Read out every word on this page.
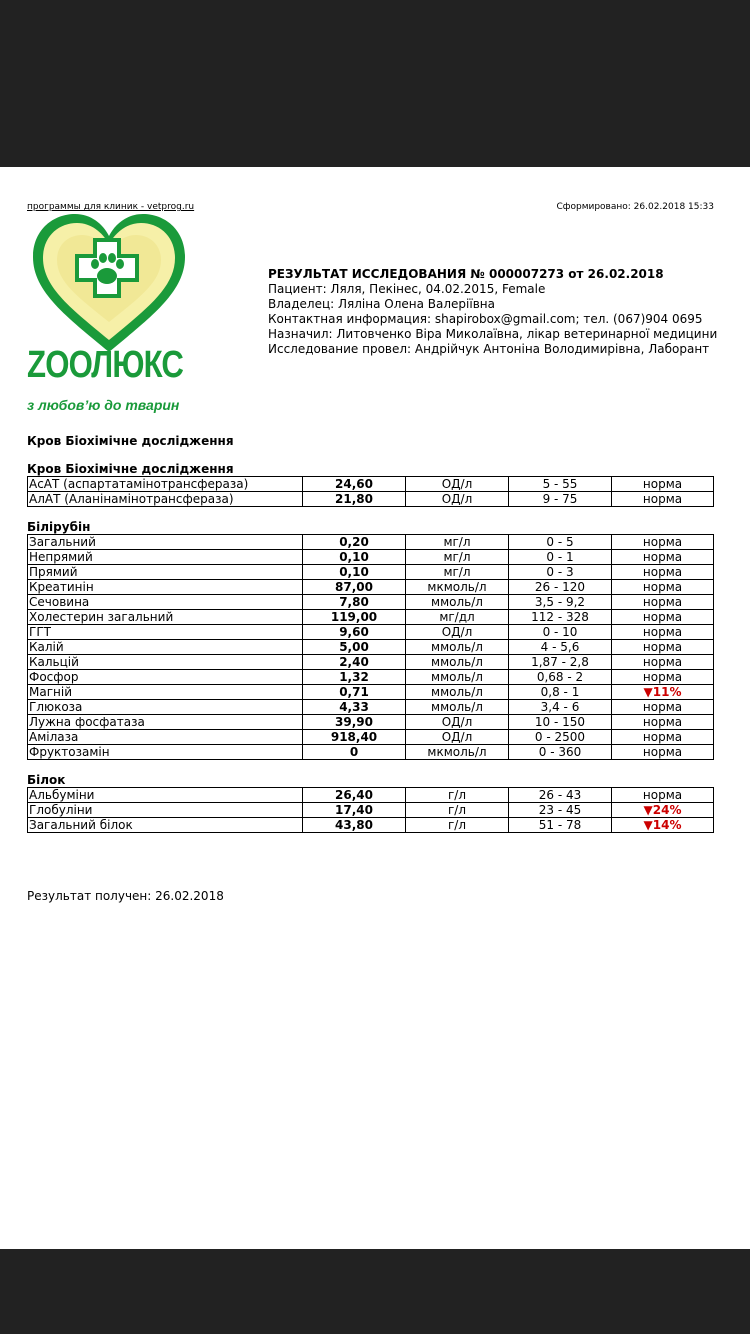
программы для клиник - vetprog.ru	Сформировано: 26.02.2018 15:33
ZООЛЮКС
з любов’ю до тварин
РЕЗУЛЬТАТ ИССЛЕДОВАНИЯ № 000007273 от 26.02.2018
Пациент: Ляля, Пекінес, 04.02.2015, Female
Владелец: Ляліна Олена Валеріївна
Контактная информация: shapirobox@gmail.com; тел. (067)904 0695
Назначил: Литовченко Віра Миколаївна, лікар ветеринарної медицини
Исследование провел: Андрійчук Антоніна Володимирівна, Лаборант
Кров Біохімічне дослідження
Кров Біохімічне дослідження
АсАТ (аспартатамінотрансфераза)	24,60	ОД/л	5 - 55	норма
АлАТ (Аланінамінотрансфераза)	21,80	ОД/л	9 - 75	норма
Білірубін
Загальний	0,20	мг/л	0 - 5	норма
Непрямий	0,10	мг/л	0 - 1	норма
Прямий	0,10	мг/л	0 - 3	норма
Креатинін	87,00	мкмоль/л	26 - 120	норма
Сечовина	7,80	ммоль/л	3,5 - 9,2	норма
Холестерин загальний	119,00	мг/дл	112 - 328	норма
ГГТ	9,60	ОД/л	0 - 10	норма
Калій	5,00	ммоль/л	4 - 5,6	норма
Кальцій	2,40	ммоль/л	1,87 - 2,8	норма
Фосфор	1,32	ммоль/л	0,68 - 2	норма
Магній	0,71	ммоль/л	0,8 - 1	▼11%
Глюкоза	4,33	ммоль/л	3,4 - 6	норма
Лужна фосфатаза	39,90	ОД/л	10 - 150	норма
Амілаза	918,40	ОД/л	0 - 2500	норма
Фруктозамін	0	мкмоль/л	0 - 360	норма
Білок
Альбуміни	26,40	г/л	26 - 43	норма
Глобуліни	17,40	г/л	23 - 45	▼24%
Загальний білок	43,80	г/л	51 - 78	▼14%
Результат получен: 26.02.2018
